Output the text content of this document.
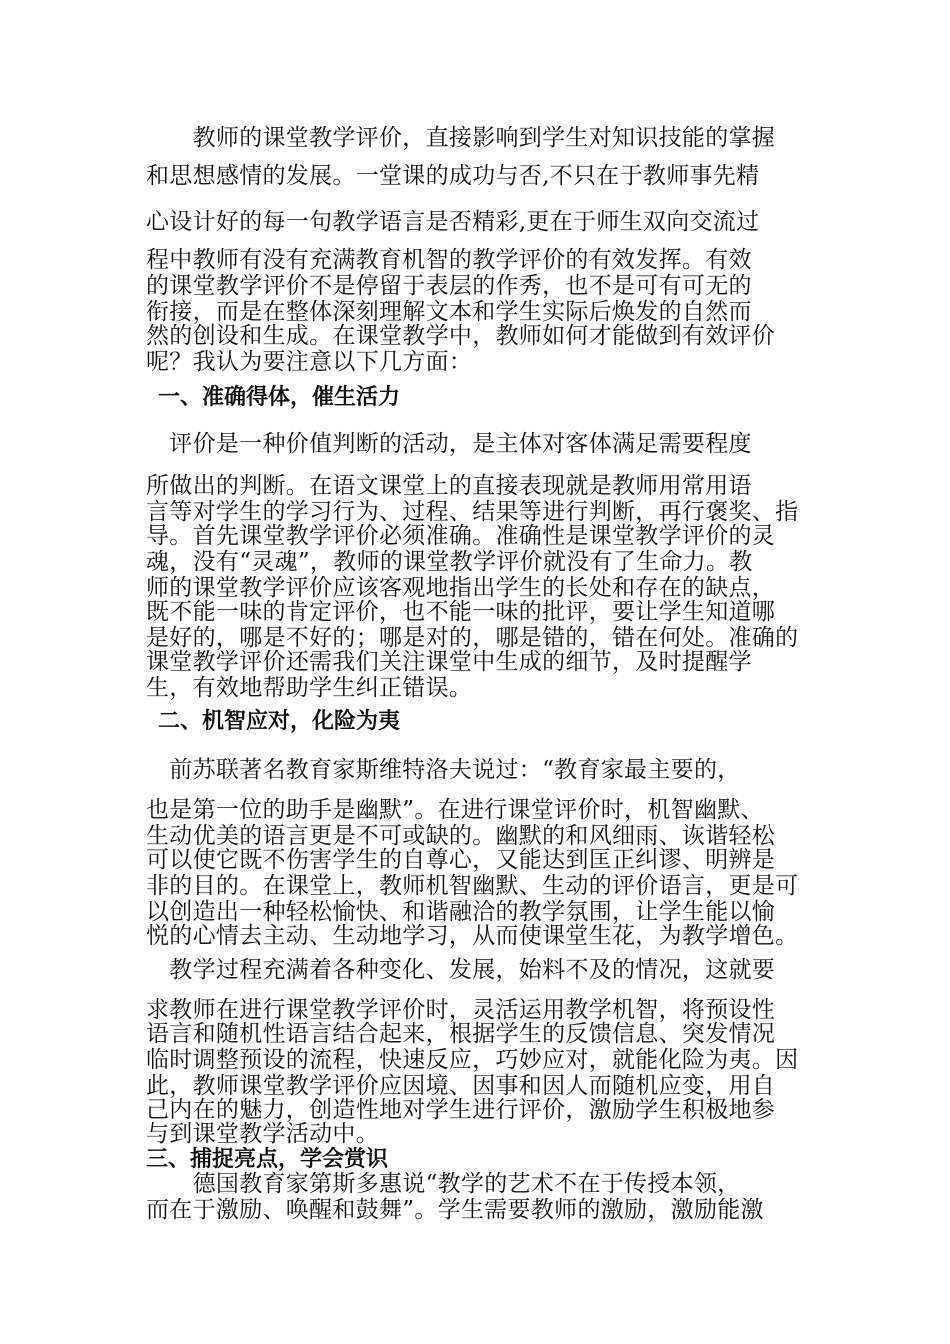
　　教师的课堂教学评价，直接影响到学生对知识技能的掌握
和思想感情的发展。一堂课的成功与否,不只在于教师事先精
心设计好的每一句教学语言是否精彩,更在于师生双向交流过
程中教师有没有充满教育机智的教学评价的有效发挥。有效
的课堂教学评价不是停留于表层的作秀，也不是可有可无的
衔接，而是在整体深刻理解文本和学生实际后焕发的自然而
然的创设和生成。在课堂教学中，教师如何才能做到有效评价
呢？我认为要注意以下几方面：
一、准确得体，催生活力
　评价是一种价值判断的活动，是主体对客体满足需要程度
所做出的判断。在语文课堂上的直接表现就是教师用常用语
言等对学生的学习行为、过程、结果等进行判断，再行褒奖、指
导。首先课堂教学评价必须准确。准确性是课堂教学评价的灵
魂，没有“灵魂”，教师的课堂教学评价就没有了生命力。教
师的课堂教学评价应该客观地指出学生的长处和存在的缺点，
既不能一味的肯定评价，也不能一味的批评，要让学生知道哪
是好的，哪是不好的；哪是对的，哪是错的，错在何处。准确的
课堂教学评价还需我们关注课堂中生成的细节，及时提醒学
生，有效地帮助学生纠正错误。
二、机智应对，化险为夷
　前苏联著名教育家斯维特洛夫说过：“教育家最主要的，
也是第一位的助手是幽默”。在进行课堂评价时，机智幽默、
生动优美的语言更是不可或缺的。幽默的和风细雨、诙谐轻松
可以使它既不伤害学生的自尊心，又能达到匡正纠谬、明辨是
非的目的。在课堂上，教师机智幽默、生动的评价语言，更是可
以创造出一种轻松愉快、和谐融洽的教学氛围，让学生能以愉
悦的心情去主动、生动地学习，从而使课堂生花，为教学增色。
　教学过程充满着各种变化、发展，始料不及的情况，这就要
求教师在进行课堂教学评价时，灵活运用教学机智，将预设性
语言和随机性语言结合起来，根据学生的反馈信息、突发情况
临时调整预设的流程，快速反应，巧妙应对，就能化险为夷。因
此，教师课堂教学评价应因境、因事和因人而随机应变，用自
己内在的魅力，创造性地对学生进行评价，激励学生积极地参
与到课堂教学活动中。
三、捕捉亮点，学会赏识
　　德国教育家第斯多惠说“教学的艺术不在于传授本领，
而在于激励、唤醒和鼓舞”。学生需要教师的激励，激励能激
